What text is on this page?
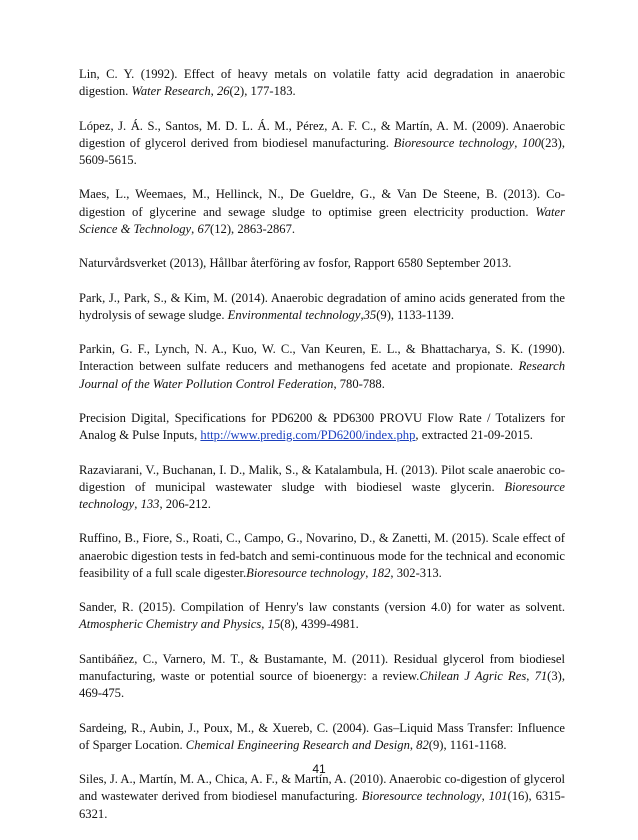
Lin, C. Y. (1992). Effect of heavy metals on volatile fatty acid degradation in anaerobic digestion. Water Research, 26(2), 177-183.

López, J. Á. S., Santos, M. D. L. Á. M., Pérez, A. F. C., & Martín, A. M. (2009). Anaerobic digestion of glycerol derived from biodiesel manufacturing. Bioresource technology, 100(23), 5609-5615.

Maes, L., Weemaes, M., Hellinck, N., De Gueldre, G., & Van De Steene, B. (2013). Co-digestion of glycerine and sewage sludge to optimise green electricity production. Water Science & Technology, 67(12), 2863-2867.

Naturvårdsverket (2013), Hållbar återföring av fosfor, Rapport 6580 September 2013.

Park, J., Park, S., & Kim, M. (2014). Anaerobic degradation of amino acids generated from the hydrolysis of sewage sludge. Environmental technology,35(9), 1133-1139.

Parkin, G. F., Lynch, N. A., Kuo, W. C., Van Keuren, E. L., & Bhattacharya, S. K. (1990). Interaction between sulfate reducers and methanogens fed acetate and propionate. Research Journal of the Water Pollution Control Federation, 780-788.

Precision Digital, Specifications for PD6200 & PD6300 PROVU Flow Rate / Totalizers for Analog & Pulse Inputs, http://www.predig.com/PD6200/index.php, extracted 21-09-2015.

Razaviarani, V., Buchanan, I. D., Malik, S., & Katalambula, H. (2013). Pilot scale anaerobic co-digestion of municipal wastewater sludge with biodiesel waste glycerin. Bioresource technology, 133, 206-212.

Ruffino, B., Fiore, S., Roati, C., Campo, G., Novarino, D., & Zanetti, M. (2015). Scale effect of anaerobic digestion tests in fed-batch and semi-continuous mode for the technical and economic feasibility of a full scale digester.Bioresource technology, 182, 302-313.

Sander, R. (2015). Compilation of Henry's law constants (version 4.0) for water as solvent. Atmospheric Chemistry and Physics, 15(8), 4399-4981.

Santibáñez, C., Varnero, M. T., & Bustamante, M. (2011). Residual glycerol from biodiesel manufacturing, waste or potential source of bioenergy: a review.Chilean J Agric Res, 71(3), 469-475.

Sardeing, R., Aubin, J., Poux, M., & Xuereb, C. (2004). Gas–Liquid Mass Transfer: Influence of Sparger Location. Chemical Engineering Research and Design, 82(9), 1161-1168.

Siles, J. A., Martín, M. A., Chica, A. F., & Martín, A. (2010). Anaerobic co-digestion of glycerol and wastewater derived from biodiesel manufacturing. Bioresource technology, 101(16), 6315-6321.

41
